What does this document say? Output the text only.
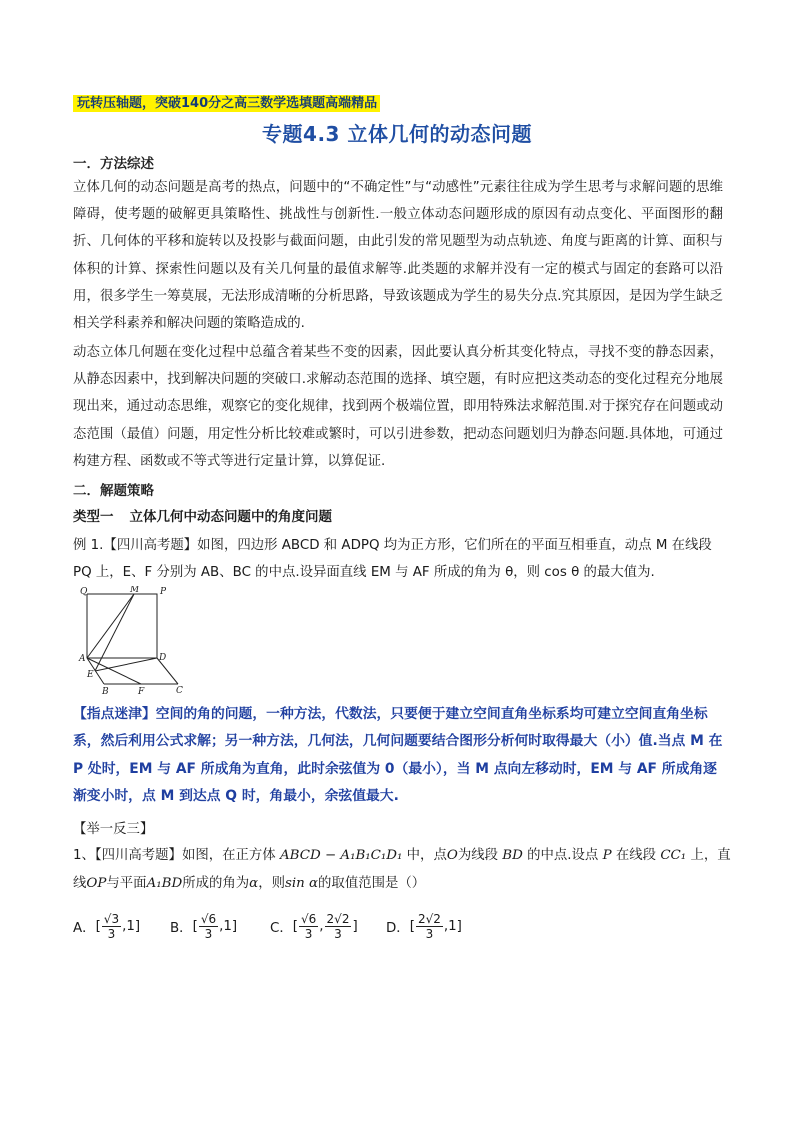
玩转压轴题，突破140分之高三数学选填题高端精品
专题4.3 立体几何的动态问题
一．方法综述
立体几何的动态问题是高考的热点，问题中的“不确定性”与“动感性”元素往往成为学生思考与求解问题的思维障碍，使考题的破解更具策略性、挑战性与创新性.一般立体动态问题形成的原因有动点变化、平面图形的翻折、几何体的平移和旋转以及投影与截面问题，由此引发的常见题型为动点轨迹、角度与距离的计算、面积与体积的计算、探索性问题以及有关几何量的最值求解等.此类题的求解并没有一定的模式与固定的套路可以沿用，很多学生一筹莫展，无法形成清晰的分析思路，导致该题成为学生的易失分点.究其原因，是因为学生缺乏相关学科素养和解决问题的策略造成的.
动态立体几何题在变化过程中总蕴含着某些不变的因素，因此要认真分析其变化特点，寻找不变的静态因素，从静态因素中，找到解决问题的突破口.求解动态范围的选择、填空题，有时应把这类动态的变化过程充分地展现出来，通过动态思维，观察它的变化规律，找到两个极端位置，即用特殊法求解范围.对于探究存在问题或动态范围（最值）问题，用定性分析比较难或繁时，可以引进参数，把动态问题划归为静态问题.具体地，可通过构建方程、函数或不等式等进行定量计算，以算促证.
二．解题策略
类型一 立体几何中动态问题中的角度问题
例 1.【四川高考题】如图，四边形 ABCD 和 ADPQ 均为正方形，它们所在的平面互相垂直，动点 M 在线段
PQ 上，E、F 分别为 AB、BC 的中点.设异面直线 EM 与 AF 所成的角为 θ，则 cos θ 的最大值为.
Q	M P
A	D
E
B	F	C
【指点迷津】空间的角的问题，一种方法，代数法，只要便于建立空间直角坐标系均可建立空间直角坐标系，然后利用公式求解；另一种方法，几何法，几何问题要结合图形分析何时取得最大（小）值.当点 M 在 P 处时，EM 与 AF 所成角为直角，此时余弦值为 0（最小），当 M 点向左移动时，EM 与 AF 所成角逐渐变小时，点 M 到达点 Q 时，角最小，余弦值最大.
【举一反三】
1、【四川高考题】如图，在正方体 ABCD − A₁B₁C₁D₁ 中，点O为线段 BD 的中点.设点 P 在线段 CC₁ 上，直
线OP与平面A₁BD所成的角为α，则sin α的取值范围是（）
A． [ $\frac{√3}{3}$ , 1 ] B． [ $\frac{√6}{3}$ , 1 ] C． [ $\frac{√6}{3}$ , $\frac{2√2}{3}$ ] D． [ $\frac{2√2}{3}$ , 1 ]
